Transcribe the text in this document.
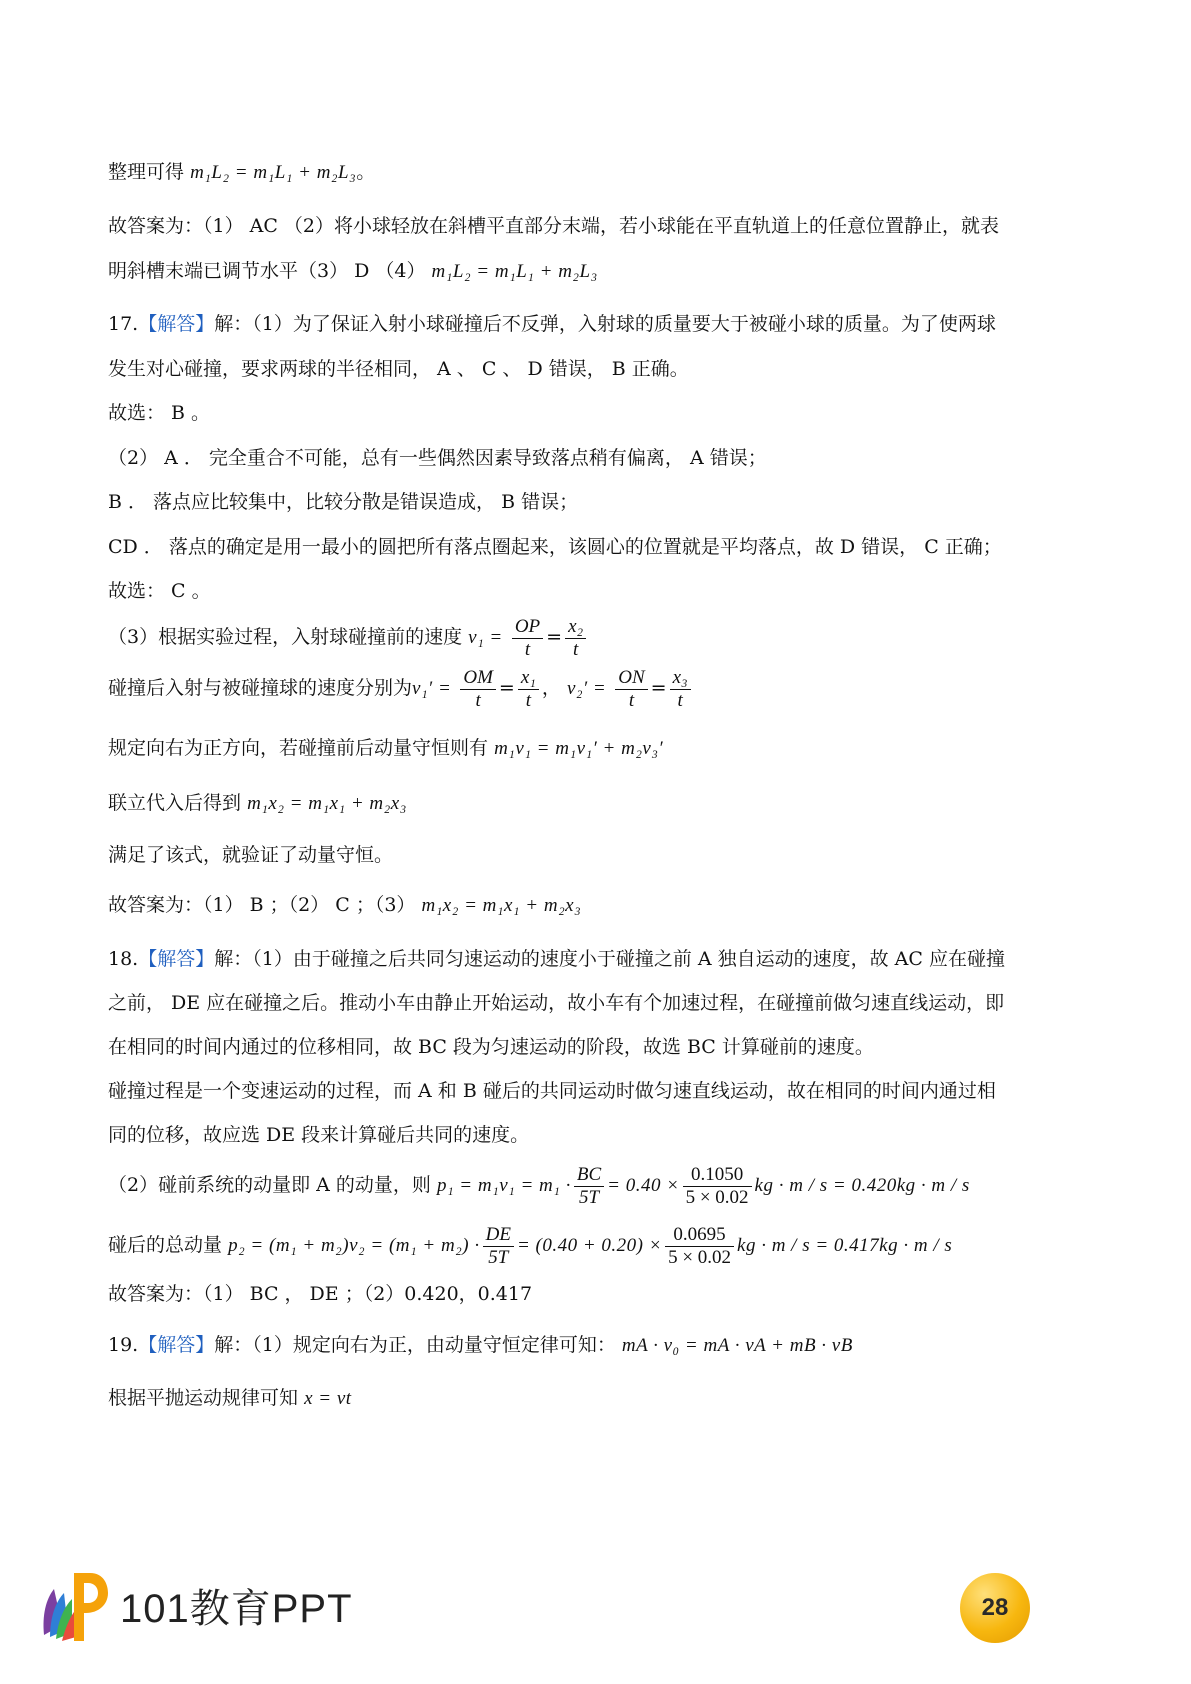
整理可得 m₁L₂ = m₁L₁ + m₂L₃。
故答案为：（1） AC （2）将小球轻放在斜槽平直部分末端，若小球能在平直轨道上的任意位置静止，就表
明斜槽末端已调节水平（3） D （4） m₁L₂ = m₁L₁ + m₂L₃
17.【解答】解：（1）为了保证入射小球碰撞后不反弹，入射球的质量要大于被碰小球的质量。为了使两球
发生对心碰撞，要求两球的半径相同， A 、 C 、 D 错误， B 正确。
故选： B 。
（2） A ． 完全重合不可能，总有一些偶然因素导致落点稍有偏离， A 错误；
B ． 落点应比较集中，比较分散是错误造成， B 错误；
CD ． 落点的确定是用一最小的圆把所有落点圈起来，该圆心的位置就是平均落点，故 D 错误， C 正确；
故选： C 。
（3）根据实验过程，入射球碰撞前的速度 $v_1 = \frac{OP}{t} = \frac{\text{x₂}}{t}$
碰撞后入射与被碰撞球的速度分别为$v_1' = \frac{OM}{t} = \frac{\text{x₁}}{t}$ ， $v_2' = \frac{ON}{t} = \frac{\text{x₃}}{t}$
规定向右为正方向，若碰撞前后动量守恒则有 m₁v₁ = m₁v₁′ + m₂v₃′
联立代入后得到 m₁x₂ = m₁x₁ + m₂x₃
满足了该式，就验证了动量守恒。
故答案为：（1） B ；（2） C ；（3） m₁x₂ = m₁x₁ + m₂x₃
18.【解答】解：（1）由于碰撞之后共同匀速运动的速度小于碰撞之前 A 独自运动的速度，故 AC 应在碰撞
之前， DE 应在碰撞之后。推动小车由静止开始运动，故小车有个加速过程，在碰撞前做匀速直线运动，即
在相同的时间内通过的位移相同，故 BC 段为匀速运动的阶段，故选 BC 计算碰前的速度。
碰撞过程是一个变速运动的过程，而 A 和 B 碰后的共同运动时做匀速直线运动，故在相同的时间内通过相
同的位移，故应选 DE 段来计算碰后共同的速度。
（2）碰前系统的动量即 A 的动量，则 $p_1 = m_1v_1 = m_1 \cdot \frac{BC}{5T} = 0.40 \times \frac{0.1050}{5 \times 0.02}$ kg · m / s = 0.420kg · m / s
碰后的总动量 $p_2 = (m_1 + m_2)v_2 = (m_1 + m_2) \cdot \frac{DE}{5T} = (0.40 + 0.20) \times \frac{0.0695}{5 \times 0.02}$ kg · m / s = 0.417kg · m / s
故答案为：（1） BC ， DE ；（2）0.420，0.417
19.【解答】解：（1）规定向右为正，由动量守恒定律可知： mA · v₀ = mA · vA + mB · vB
根据平抛运动规律可知 x = vt
101教育PPT	28
